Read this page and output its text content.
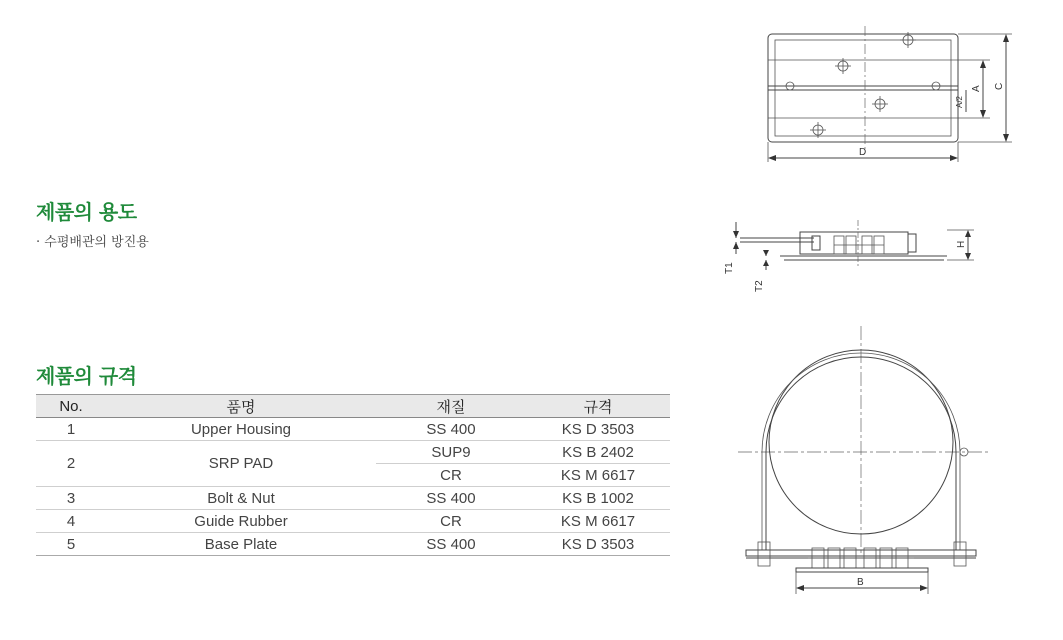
제품의 용도
· 수평배관의 방진용
제품의 규격
No.	품명	재질	규격
1	Upper Housing	SS 400	KS D 3503
2	SRP PAD	SUP9	KS B 2402
		CR	KS M 6617
3	Bolt & Nut	SS 400	KS B 1002
4	Guide Rubber	CR	KS M 6617
5	Base Plate	SS 400	KS D 3503
C
A
A/2
D
H
T1
T2
B
